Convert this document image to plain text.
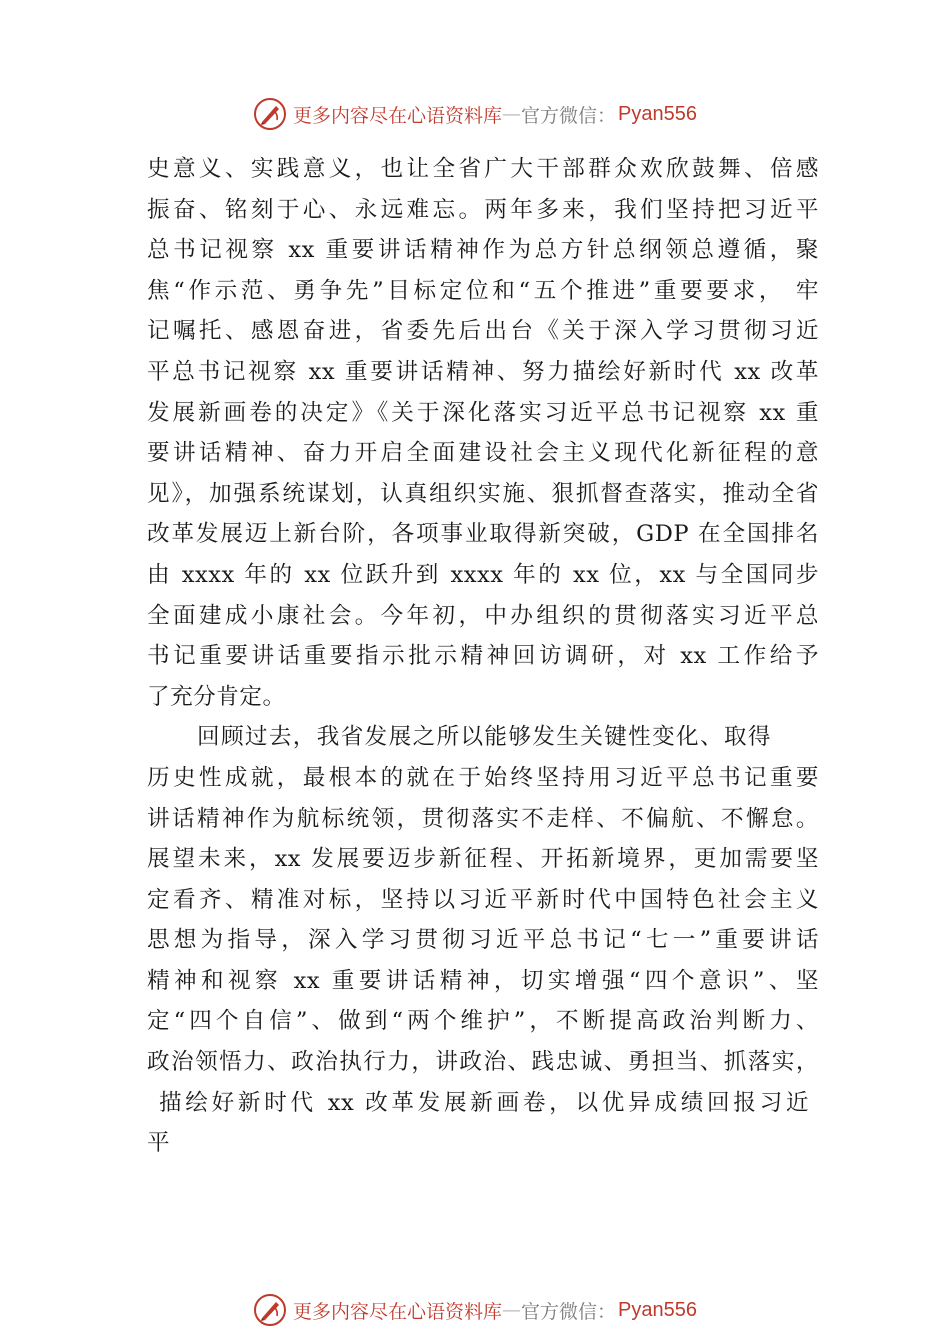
更多内容尽在心语资料库 — 官方微信： Pyan556
史意义、实践意义，也让全省广大干部群众欢欣鼓舞、倍感
振奋、铭刻于心、永远难忘。两年多来，我们坚持把习近平
总书记视察 xx 重要讲话精神作为总方针总纲领总遵循，聚
焦“作示范、勇争先”目标定位和“五个推进”重要要求， 牢
记嘱托、感恩奋进，省委先后出台《关于深入学习贯彻习近
平总书记视察 xx 重要讲话精神、努力描绘好新时代 xx 改革
发展新画卷的决定》《关于深化落实习近平总书记视察 xx 重
要讲话精神、奋力开启全面建设社会主义现代化新征程的意
见》，加强系统谋划，认真组织实施、狠抓督查落实，推动全省
改革发展迈上新台阶，各项事业取得新突破，GDP 在全国排名
由 xxxx 年的 xx 位跃升到 xxxx 年的 xx 位，xx 与全国同步
全面建成小康社会。今年初，中办组织的贯彻落实习近平总
书记重要讲话重要指示批示精神回访调研，对 xx 工作给予
了充分肯定。
回顾过去，我省发展之所以能够发生关键性变化、取得
历史性成就，最根本的就在于始终坚持用习近平总书记重要
讲话精神作为航标统领，贯彻落实不走样、不偏航、不懈怠。
展望未来，xx 发展要迈步新征程、开拓新境界，更加需要坚
定看齐、精准对标，坚持以习近平新时代中国特色社会主义
思想为指导，深入学习贯彻习近平总书记“七一”重要讲话
精神和视察 xx 重要讲话精神，切实增强“四个意识”、坚
定“四个自信”、做到“两个维护”，不断提高政治判断力、
政治领悟力、政治执行力，讲政治、践忠诚、勇担当、抓落实，
描绘好新时代 xx 改革发展新画卷，以优异成绩回报习近
平
更多内容尽在心语资料库 — 官方微信： Pyan556
